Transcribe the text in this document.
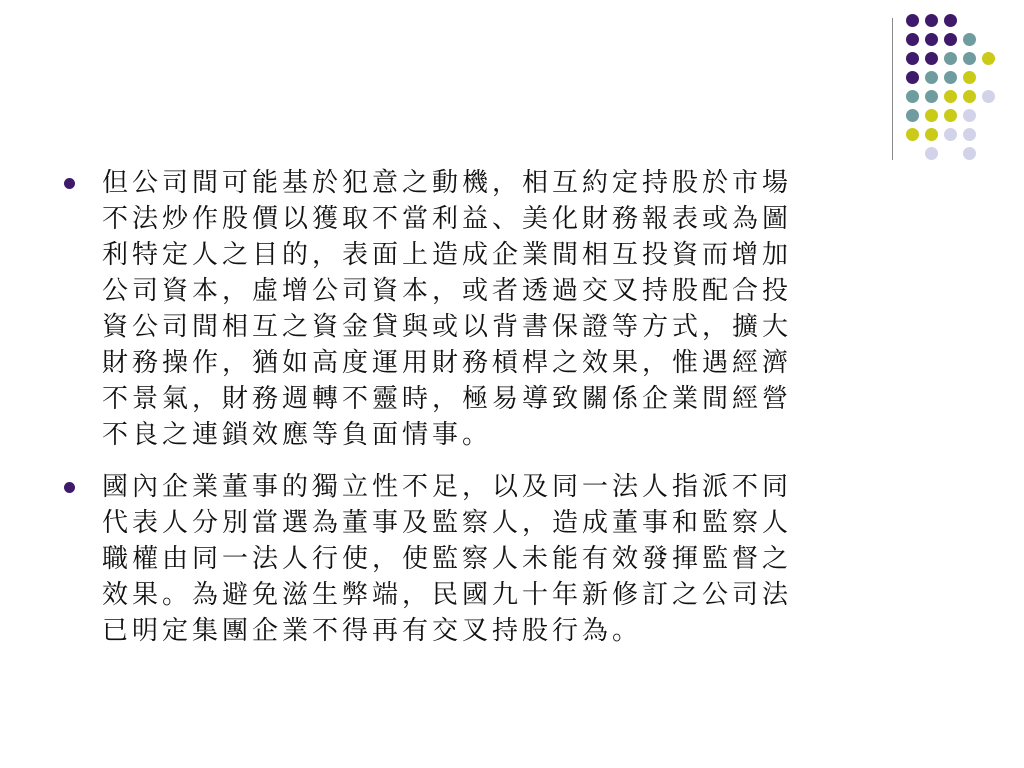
但公司間可能基於犯意之動機，相互約定持股於市場
不法炒作股價以獲取不當利益、美化財務報表或為圖
利特定人之目的，表面上造成企業間相互投資而增加
公司資本，虛增公司資本，或者透過交叉持股配合投
資公司間相互之資金貸與或以背書保證等方式，擴大
財務操作，猶如高度運用財務槓桿之效果，惟遇經濟
不景氣，財務週轉不靈時，極易導致關係企業間經營
不良之連鎖效應等負面情事。
國內企業董事的獨立性不足，以及同一法人指派不同
代表人分別當選為董事及監察人，造成董事和監察人
職權由同一法人行使，使監察人未能有效發揮監督之
效果。為避免滋生弊端，民國九十年新修訂之公司法
已明定集團企業不得再有交叉持股行為。
